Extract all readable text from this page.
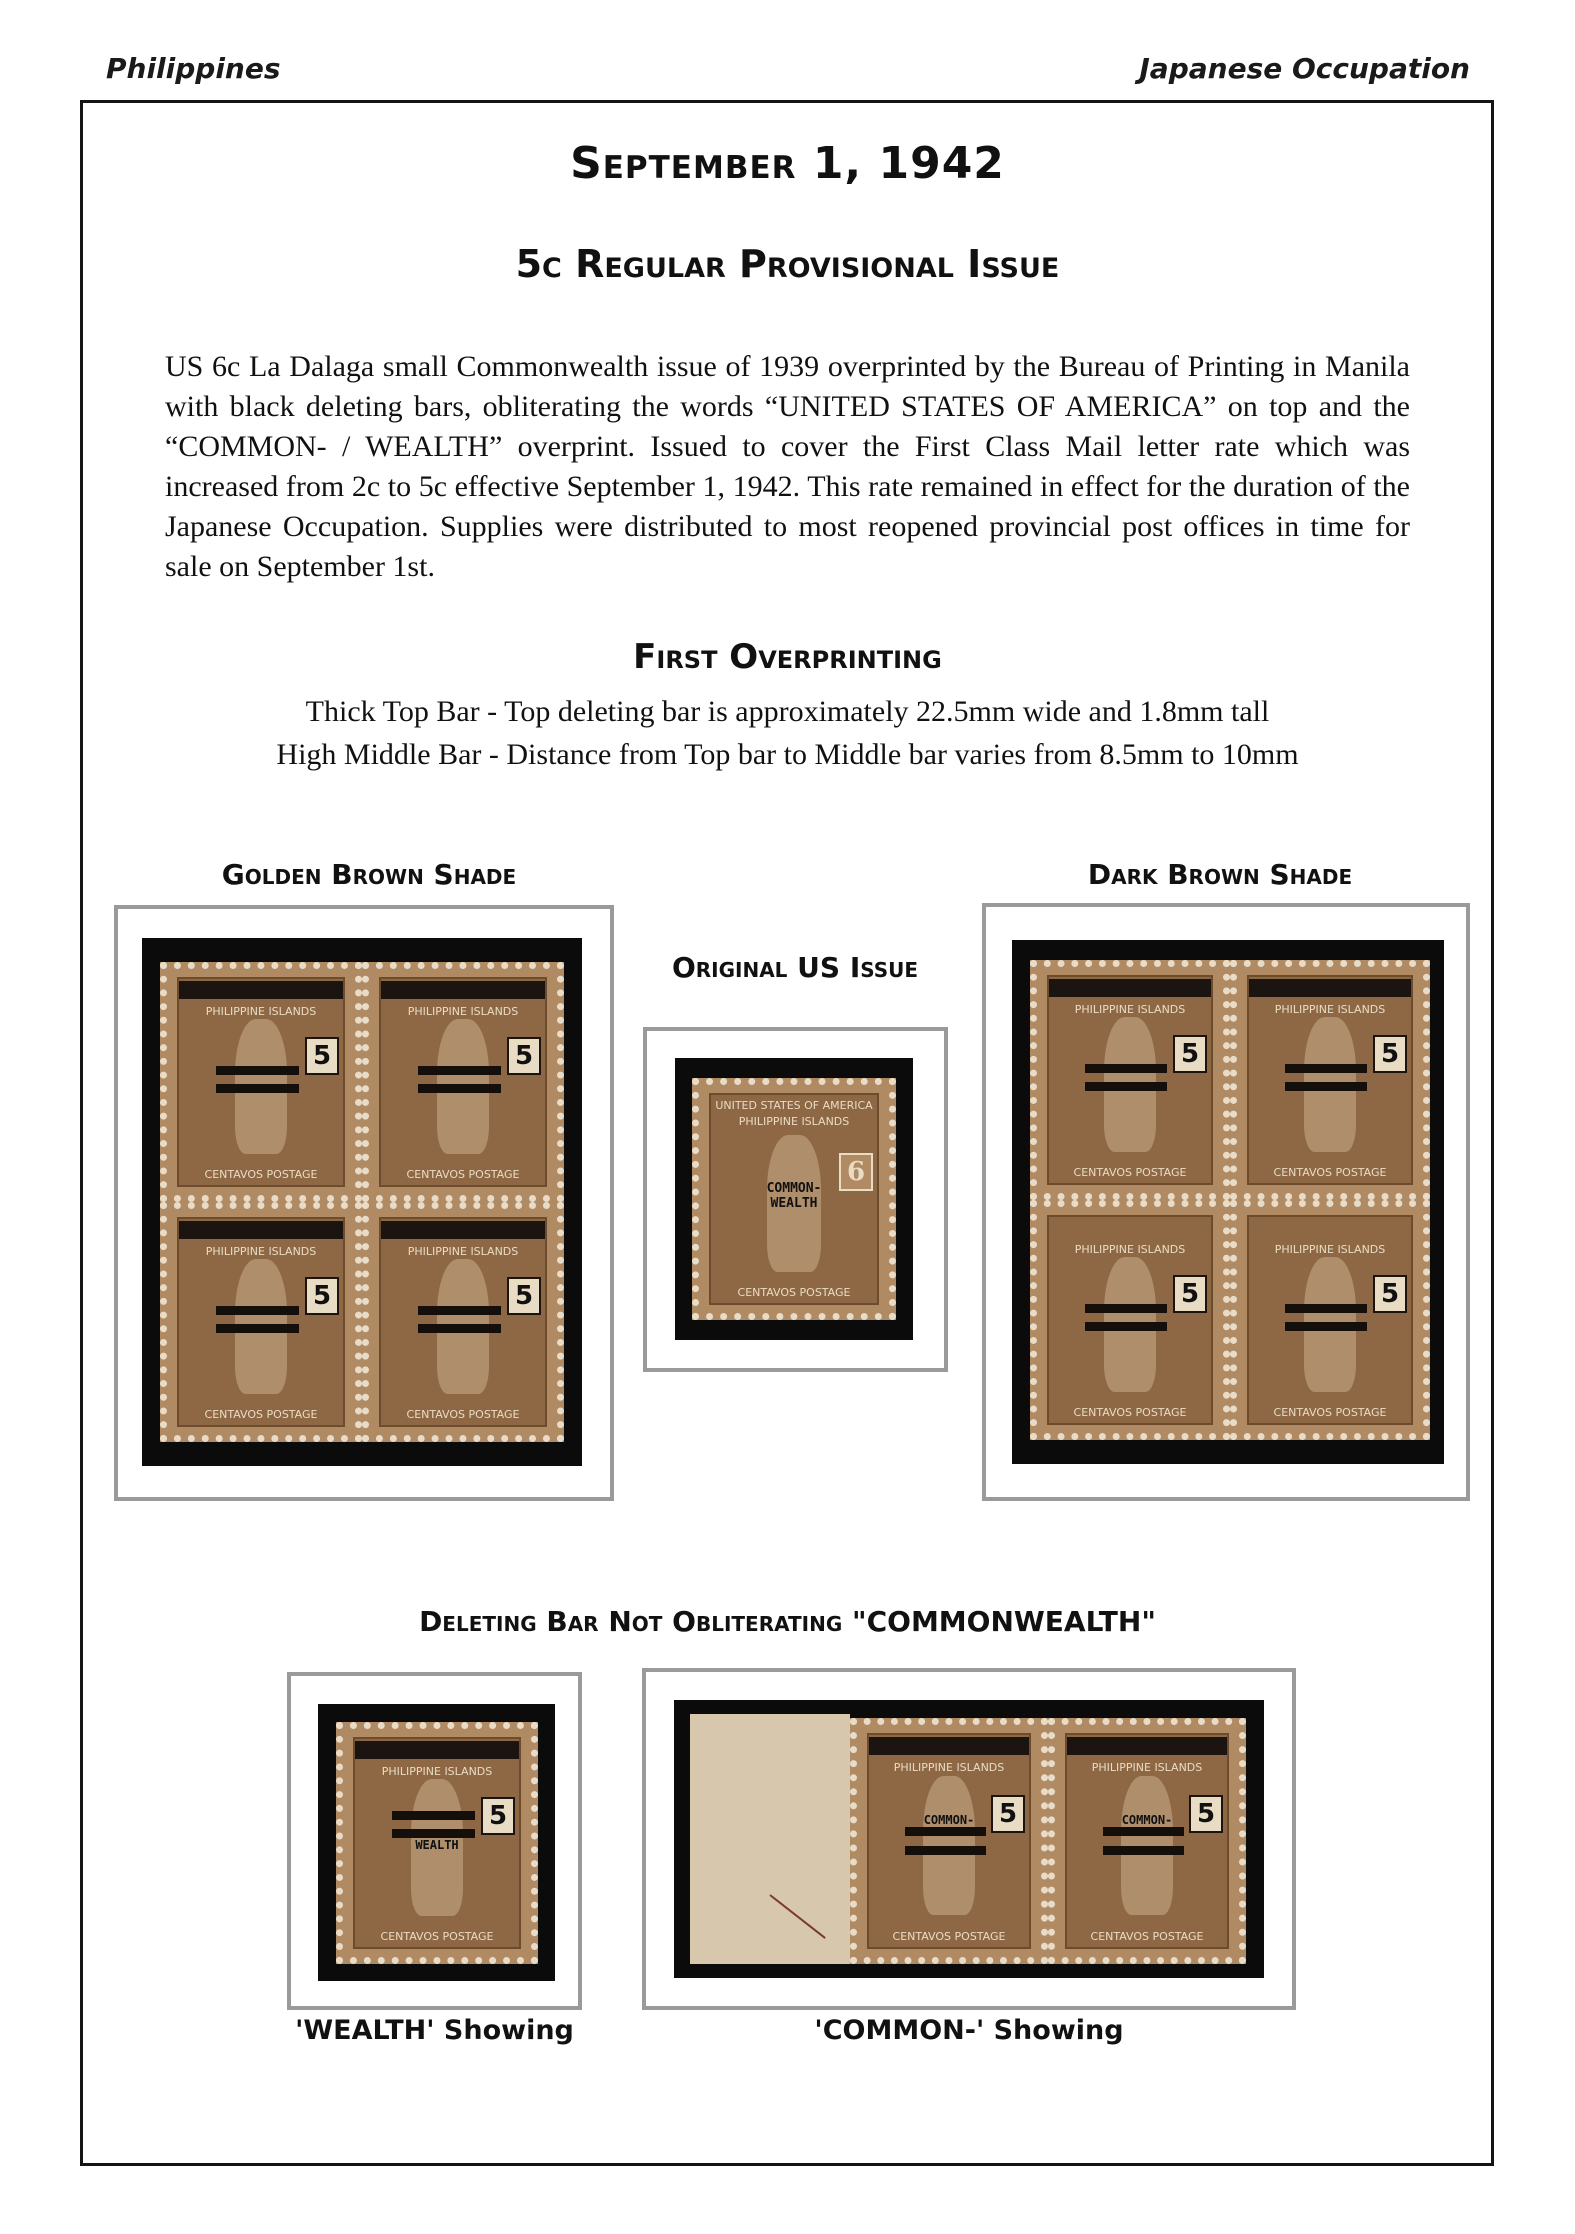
Philippines	Japanese Occupation
September 1, 1942
5c Regular Provisional Issue
US 6c La Dalaga small Commonwealth issue of 1939 overprinted by the Bureau of Printing in Manila with black deleting bars, obliterating the words “UNITED STATES OF AMERICA” on top and the “COMMON- / WEALTH” overprint. Issued to cover the First Class Mail letter rate which was increased from 2c to 5c effective September 1, 1942. This rate remained in effect for the duration of the Japanese Occupation. Supplies were distributed to most reopened provincial post offices in time for sale on September 1st.
First Overprinting
Thick Top Bar - Top deleting bar is approximately 22.5mm wide and 1.8mm tall
High Middle Bar - Distance from Top bar to Middle bar varies from 8.5mm to 10mm
Golden Brown Shade	Dark Brown Shade
Original US Issue
Deleting Bar Not Obliterating "COMMONWEALTH"
PHILIPPINE ISLANDS
5
CENTAVOS POSTAGE
PHILIPPINE ISLANDS
5
CENTAVOS POSTAGE
PHILIPPINE ISLANDS
5
CENTAVOS POSTAGE
PHILIPPINE ISLANDS
5
CENTAVOS POSTAGE
UNITED STATES OF AMERICA
PHILIPPINE ISLANDS
COMMON-
WEALTH
6
CENTAVOS POSTAGE
PHILIPPINE ISLANDS
5
CENTAVOS POSTAGE
PHILIPPINE ISLANDS
5
CENTAVOS POSTAGE
PHILIPPINE ISLANDS
5
CENTAVOS POSTAGE
PHILIPPINE ISLANDS
5
CENTAVOS POSTAGE
PHILIPPINE ISLANDS
WEALTH
5
CENTAVOS POSTAGE
'WEALTH' Showing
PHILIPPINE ISLANDS
COMMON- 5
CENTAVOS POSTAGE
PHILIPPINE ISLANDS
COMMON- 5
CENTAVOS POSTAGE
'COMMON-' Showing
